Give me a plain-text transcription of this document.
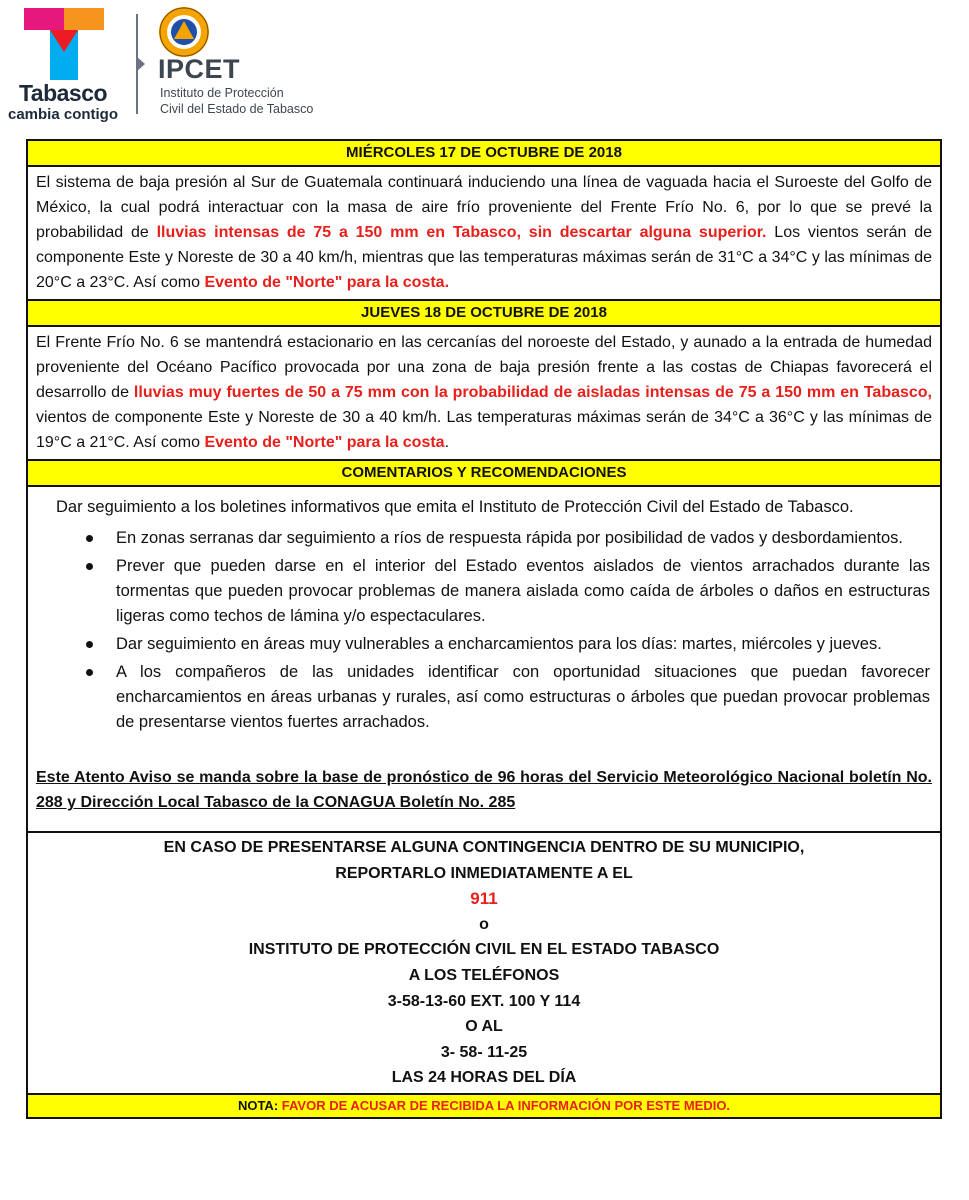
Tabasco
cambia contigo
IPCET
Instituto de Protección
Civil del Estado de Tabasco
MIÉRCOLES 17 DE OCTUBRE DE 2018
El sistema de baja presión al Sur de Guatemala continuará induciendo una línea de vaguada hacia el Suroeste del Golfo de México, la cual podrá interactuar con la masa de aire frío proveniente del Frente Frío No. 6, por lo que se prevé la probabilidad de lluvias intensas de 75 a 150 mm en Tabasco, sin descartar alguna superior. Los vientos serán de componente Este y Noreste de 30 a 40 km/h, mientras que las temperaturas máximas serán de 31°C a 34°C y las mínimas de 20°C a 23°C. Así como Evento de "Norte" para la costa.
JUEVES 18 DE OCTUBRE DE 2018
El Frente Frío No. 6 se mantendrá estacionario en las cercanías del noroeste del Estado, y aunado a la entrada de humedad proveniente del Océano Pacífico provocada por una zona de baja presión frente a las costas de Chiapas favorecerá el desarrollo de lluvias muy fuertes de 50 a 75 mm con la probabilidad de aisladas intensas de 75 a 150 mm en Tabasco, vientos de componente Este y Noreste de 30 a 40 km/h. Las temperaturas máximas serán de 34°C a 36°C y las mínimas de 19°C a 21°C. Así como Evento de "Norte" para la costa.
COMENTARIOS Y RECOMENDACIONES

Dar seguimiento a los boletines informativos que emita el Instituto de Protección Civil del Estado de Tabasco.

En zonas serranas dar seguimiento a ríos de respuesta rápida por posibilidad de vados y desbordamientos.
Prever que pueden darse en el interior del Estado eventos aislados de vientos arrachados durante las tormentas que pueden provocar problemas de manera aislada como caída de árboles o daños en estructuras ligeras como techos de lámina y/o espectaculares.
Dar seguimiento en áreas muy vulnerables a encharcamientos para los días: martes, miércoles y jueves.
A los compañeros de las unidades identificar con oportunidad situaciones que puedan favorecer encharcamientos en áreas urbanas y rurales, así como estructuras o árboles que puedan provocar problemas de presentarse vientos fuertes arrachados.

Este Atento Aviso se manda sobre la base de pronóstico de 96 horas del Servicio Meteorológico Nacional boletín No. 288 y Dirección Local Tabasco de la CONAGUA Boletín No. 285

EN CASO DE PRESENTARSE ALGUNA CONTINGENCIA DENTRO DE SU MUNICIPIO,
REPORTARLO INMEDIATAMENTE A EL
911
o
INSTITUTO DE PROTECCIÓN CIVIL EN EL ESTADO TABASCO
A LOS TELÉFONOS
3-58-13-60 EXT. 100 Y 114
O AL
3- 58- 11-25
LAS 24 HORAS DEL DÍA
NOTA: FAVOR DE ACUSAR DE RECIBIDA LA INFORMACIÓN POR ESTE MEDIO.
